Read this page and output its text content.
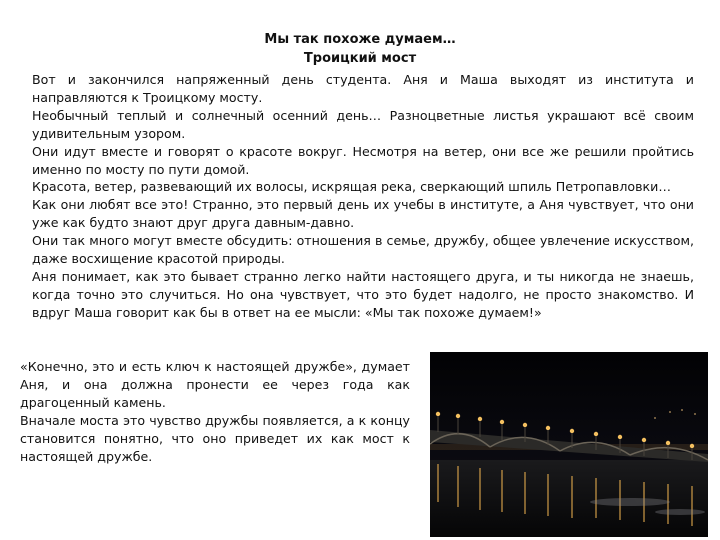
Мы так похоже думаем…
Троицкий мост

Вот и закончился напряженный день студента. Аня и Маша выходят из института и направляются к Троицкому мосту.

Необычный теплый и солнечный осенний день… Разноцветные листья украшают всё своим удивительным узором.

Они идут вместе и говорят о красоте вокруг. Несмотря на ветер, они все же решили пройтись именно по мосту по пути домой.

Красота, ветер, развевающий их волосы, искрящая река, сверкающий шпиль Петропавловки…

Как они любят все это! Странно, это первый день их учебы в институте, а Аня чувствует, что они уже как будто знают друг друга давным-давно.

Они так много могут вместе обсудить: отношения в семье, дружбу, общее увлечение искусством, даже восхищение красотой природы.

Аня понимает, как это бывает странно легко найти настоящего друга, и ты никогда не знаешь, когда точно это случиться. Но она чувствует, что это будет надолго, не просто знакомство. И вдруг Маша говорит как бы в ответ на ее мысли: «Мы так похоже думаем!»

«Конечно, это и есть ключ к настоящей дружбе», думает Аня, и она должна пронести ее через года как драгоценный камень.

Вначале моста это чувство дружбы появляется, а к концу становится понятно, что оно приведет их как мост к настоящей дружбе.
